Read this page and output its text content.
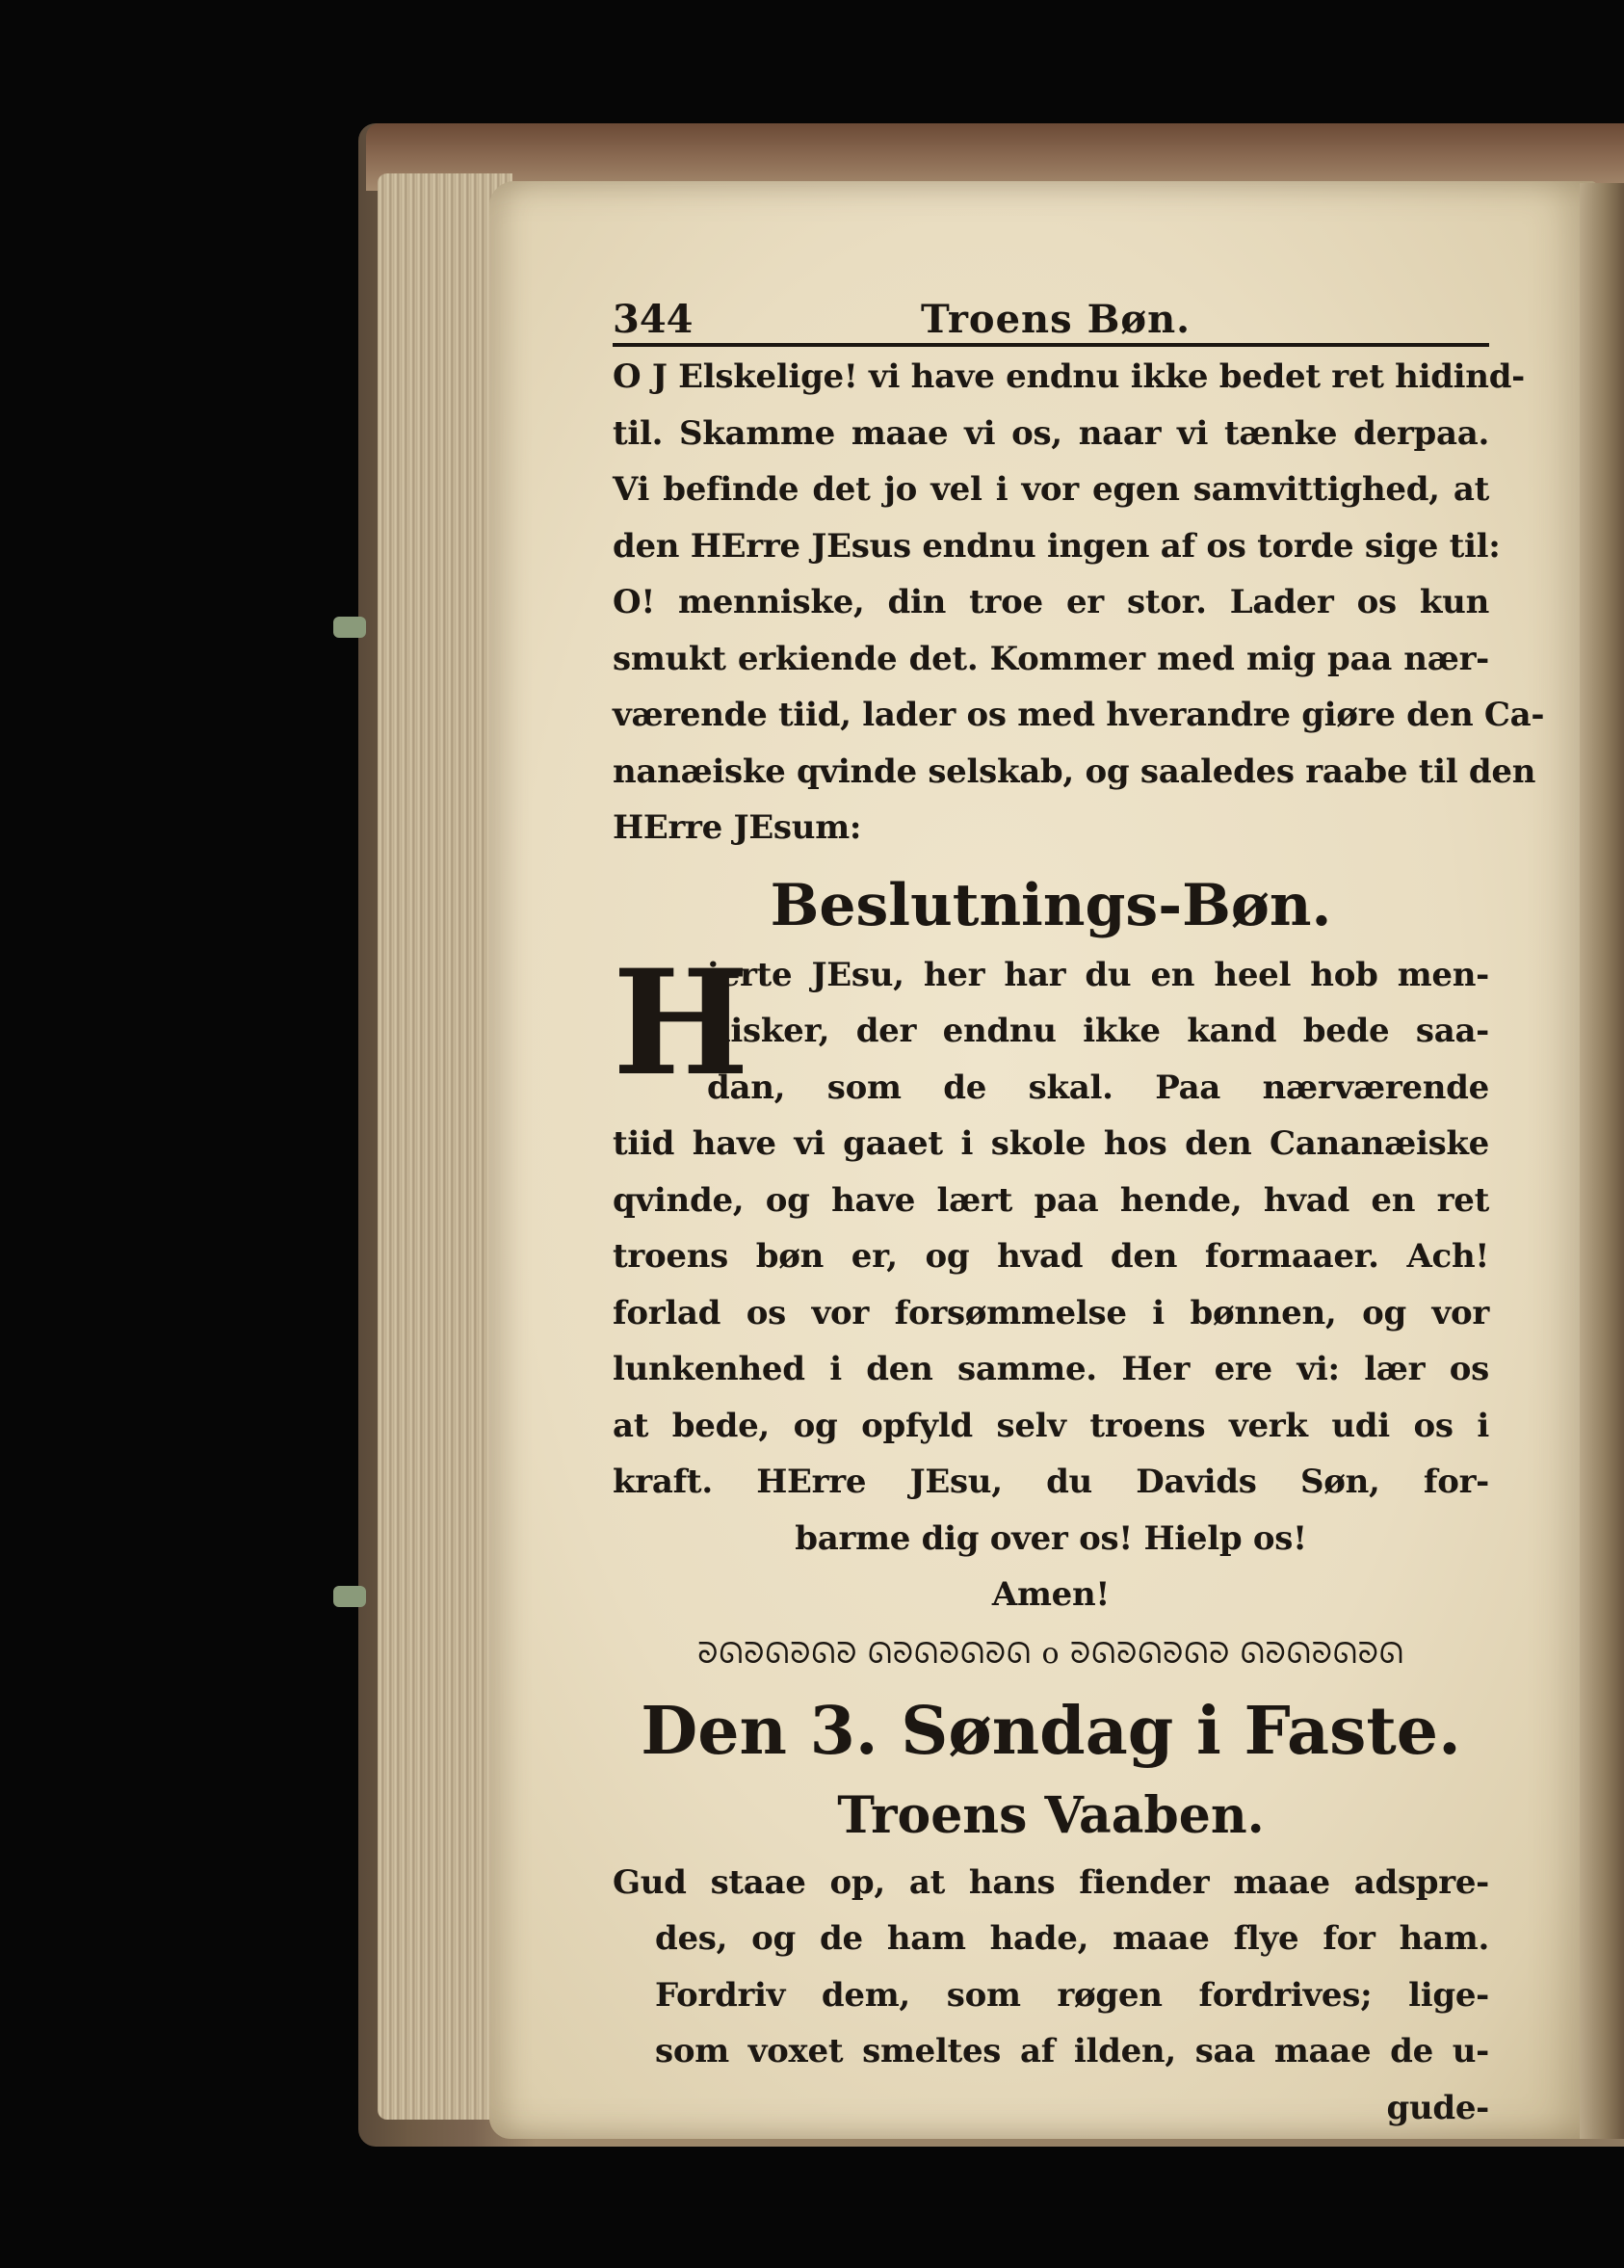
344	Troens Bøn.
O J Elskelige! vi have endnu ikke bedet ret hidind-
til. Skamme maae vi os, naar vi tænke derpaa.
Vi befinde det jo vel i vor egen samvittighed, at
den HErre JEsus endnu ingen af os torde sige til:
O! menniske, din troe er stor. Lader os kun
smukt erkiende det. Kommer med mig paa nær-
værende tiid, lader os med hverandre giøre den Ca-
nanæiske qvinde selskab, og saaledes raabe til den
HErre JEsum:
Beslutnings-Bøn.
H
ierte JEsu, her har du en heel hob men-
nisker, der endnu ikke kand bede saa-
dan, som de skal. Paa nærværende
tiid have vi gaaet i skole hos den Cananæiske
qvinde, og have lært paa hende, hvad en ret
troens bøn er, og hvad den formaaer. Ach!
forlad os vor forsømmelse i bønnen, og vor
lunkenhed i den samme. Her ere vi: lær os
at bede, og opfyld selv troens verk udi os i
kraft. HErre JEsu, du Davids Søn, for-
barme dig over os! Hielp os!
Amen!
ᘐᘏᘐᘏᘐᘏᘐ ᘏᘐᘏᘐᘏᘐᘏ o ᘐᘏᘐᘏᘐᘏᘐ ᘏᘐᘏᘐᘏᘐᘏ
Den 3. Søndag i Faste.
Troens Vaaben.
Gud staae op, at hans fiender maae adspre-
des, og de ham hade, maae flye for ham.
Fordriv dem, som røgen fordrives; lige-
som voxet smeltes af ilden, saa maae de u-
gude-
